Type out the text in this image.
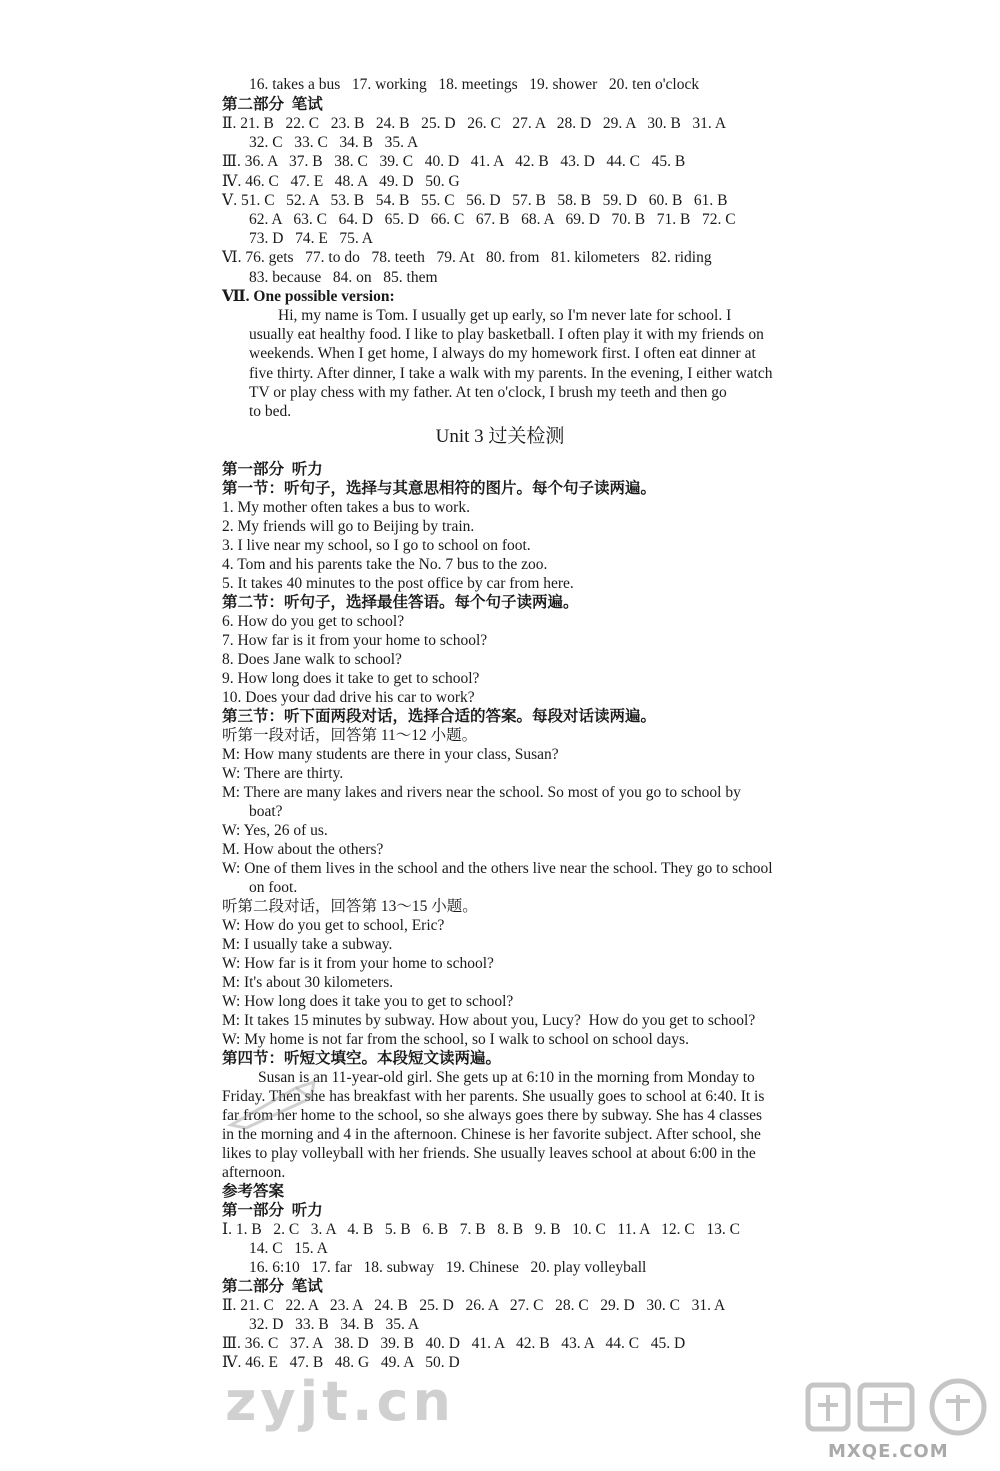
16. takes a bus   17. working   18. meetings   19. shower   20. ten o'clock
第二部分  笔试
Ⅱ. 21. B   22. C   23. B   24. B   25. D   26. C   27. A   28. D   29. A   30. B   31. A
32. C   33. C   34. B   35. A
Ⅲ. 36. A   37. B   38. C   39. C   40. D   41. A   42. B   43. D   44. C   45. B
Ⅳ. 46. C   47. E   48. A   49. D   50. G
Ⅴ. 51. C   52. A   53. B   54. B   55. C   56. D   57. B   58. B   59. D   60. B   61. B
62. A   63. C   64. D   65. D   66. C   67. B   68. A   69. D   70. B   71. B   72. C
73. D   74. E   75. A
Ⅵ. 76. gets   77. to do   78. teeth   79. At   80. from   81. kilometers   82. riding
83. because   84. on   85. them
Ⅶ. One possible version:
Hi, my name is Tom. I usually get up early, so I'm never late for school. I
usually eat healthy food. I like to play basketball. I often play it with my friends on
weekends. When I get home, I always do my homework first. I often eat dinner at
five thirty. After dinner, I take a walk with my parents. In the evening, I either watch
TV or play chess with my father. At ten o'clock, I brush my teeth and then go
to bed.
第一部分  听力
第一节：听句子，选择与其意思相符的图片。每个句子读两遍。
1. My mother often takes a bus to work.
2. My friends will go to Beijing by train.
3. I live near my school, so I go to school on foot.
4. Tom and his parents take the No. 7 bus to the zoo.
5. It takes 40 minutes to the post office by car from here.
第二节：听句子，选择最佳答语。每个句子读两遍。
6. How do you get to school?
7. How far is it from your home to school?
8. Does Jane walk to school?
9. How long does it take to get to school?
10. Does your dad drive his car to work?
第三节：听下面两段对话，选择合适的答案。每段对话读两遍。
听第一段对话，回答第 11～12 小题。
M: How many students are there in your class, Susan?
W: There are thirty.
M: There are many lakes and rivers near the school. So most of you go to school by
boat?
W: Yes, 26 of us.
M. How about the others?
W: One of them lives in the school and the others live near the school. They go to school
on foot.
听第二段对话，回答第 13～15 小题。
W: How do you get to school, Eric?
M: I usually take a subway.
W: How far is it from your home to school?
M: It's about 30 kilometers.
W: How long does it take you to get to school?
M: It takes 15 minutes by subway. How about you, Lucy?  How do you get to school?
W: My home is not far from the school, so I walk to school on school days.
第四节：听短文填空。本段短文读两遍。
Susan is an 11-year-old girl. She gets up at 6:10 in the morning from Monday to
Friday. Then she has breakfast with her parents. She usually goes to school at 6:40. It is
far from her home to the school, so she always goes there by subway. She has 4 classes
in the morning and 4 in the afternoon. Chinese is her favorite subject. After school, she
likes to play volleyball with her friends. She usually leaves school at about 6:00 in the
afternoon.
参考答案
第一部分  听力
Ⅰ. 1. B   2. C   3. A   4. B   5. B   6. B   7. B   8. B   9. B   10. C   11. A   12. C   13. C
14. C   15. A
16. 6:10   17. far   18. subway   19. Chinese   20. play volleyball
第二部分  笔试
Ⅱ. 21. C   22. A   23. A   24. B   25. D   26. A   27. C   28. C   29. D   30. C   31. A
32. D   33. B   34. B   35. A
Ⅲ. 36. C   37. A   38. D   39. B   40. D   41. A   42. B   43. A   44. C   45. D
Ⅳ. 46. E   47. B   48. G   49. A   50. D
Unit 3 过关检测
zyjt.cn
MXQE.COM
